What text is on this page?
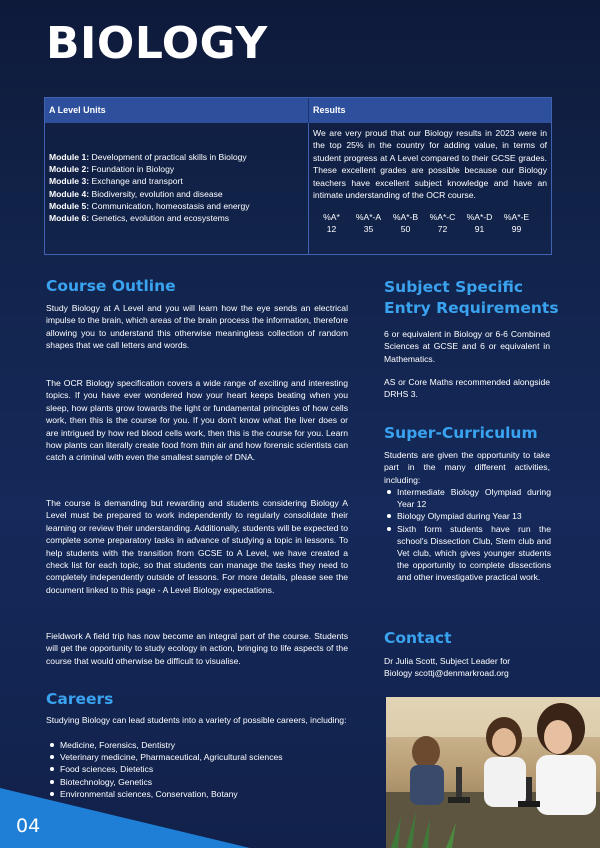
BIOLOGY
A Level Units	Results
Module 1: Development of practical skills in Biology
Module 2: Foundation in Biology
Module 3: Exchange and transport
Module 4: Biodiversity, evolution and disease
Module 5: Communication, homeostasis and energy
Module 6: Genetics, evolution and ecosystems
We are very proud that our Biology results in 2023 were in the top 25% in the country for adding value, in terms of student progress at A Level compared to their GCSE grades. These excellent grades are possible because our Biology teachers have excellent subject knowledge and have an intimate understanding of the OCR course.
%A*
12
%A*-A
35
%A*-B
50
%A*-C
72
%A*-D
91
%A*-E
99
Course Outline
Study Biology at A Level and you will learn how the eye sends an electrical impulse to the brain, which areas of the brain process the information, therefore allowing you to understand this otherwise meaningless collection of random shapes that we call letters and words.
The OCR Biology specification covers a wide range of exciting and interesting topics. If you have ever wondered how your heart keeps beating when you sleep, how plants grow towards the light or fundamental principles of how cells work, then this is the course for you. If you don't know what the liver does or are intrigued by how red blood cells work, then this is the course for you. Learn how plants can literally create food from thin air and how forensic scientists can catch a criminal with even the smallest sample of DNA.
The course is demanding but rewarding and students considering Biology A Level must be prepared to work independently to regularly consolidate their learning or review their understanding. Additionally, students will be expected to complete some preparatory tasks in advance of studying a topic in lessons. To help students with the transition from GCSE to A Level, we have created a check list for each topic, so that students can manage the tasks they need to completely independently outside of lessons. For more details, please see the document linked to this page - A Level Biology expectations.
Fieldwork A field trip has now become an integral part of the course. Students will get the opportunity to study ecology in action, bringing to life aspects of the course that would otherwise be difficult to visualise.
Careers
Studying Biology can lead students into a variety of possible careers, including:
Medicine, Forensics, Dentistry
Veterinary medicine, Pharmaceutical, Agricultural sciences
Food sciences, Dietetics
Biotechnology, Genetics
Environmental sciences, Conservation, Botany
Subject Specific
Entry Requirements
6 or equivalent in Biology or 6-6 Combined Sciences at GCSE and 6 or equivalent in Mathematics.
AS or Core Maths recommended alongside DRHS 3.
Super-Curriculum
Students are given the opportunity to take part in the many different activities, including:
Intermediate Biology Olympiad during Year 12
Biology Olympiad during Year 13
Sixth form students have run the school's Dissection Club, Stem club and Vet club, which gives younger students the opportunity to complete dissections and other investigative practical work.
Contact
Dr Julia Scott, Subject Leader for
Biology scottj@denmarkroad.org
04
